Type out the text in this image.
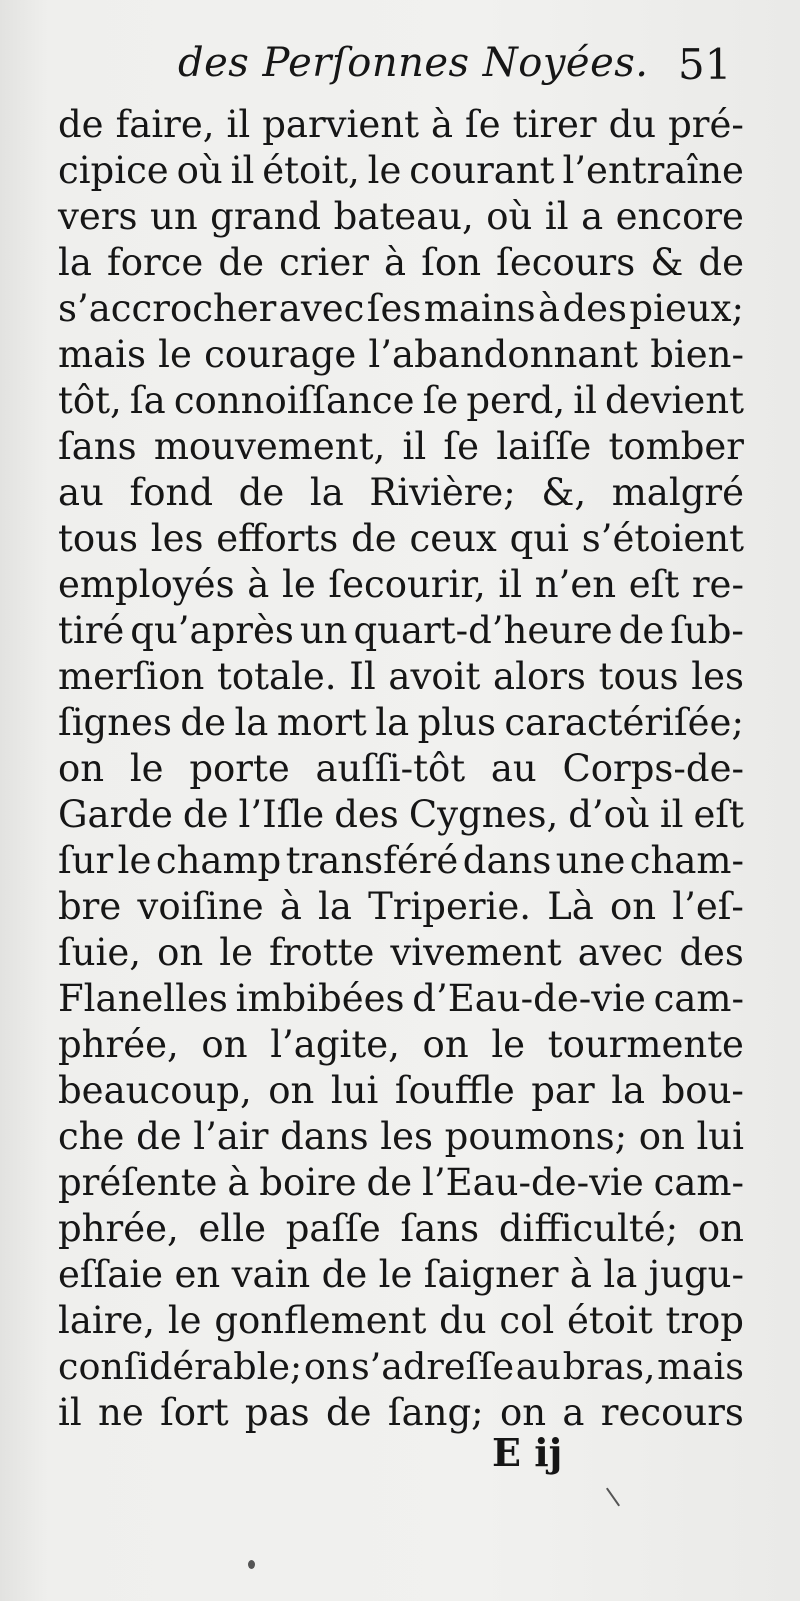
des Perſonnes Noyées. 51
de faire, il parvient à ſe tirer du pré-
cipice où il étoit, le courant l’entraîne
vers un grand bateau, où il a encore
la force de crier à ſon ſecours & de
s’accrocher avec ſes mains à des pieux;
mais le courage l’abandonnant bien-
tôt, ſa connoiſſance ſe perd, il devient
ſans mouvement, il ſe laiſſe tomber
au fond de la Rivière; &, malgré
tous les efforts de ceux qui s’étoient
employés à le ſecourir, il n’en eſt re-
tiré qu’après un quart-d’heure de ſub-
merſion totale. Il avoit alors tous les
ſignes de la mort la plus caractériſée;
on le porte auſſi-tôt au Corps-de-
Garde de l’Iſle des Cygnes, d’où il eſt
ſur le champ transféré dans une cham-
bre voiſine à la Triperie. Là on l’eſ-
ſuie, on le frotte vivement avec des
Flanelles imbibées d’Eau-de-vie cam-
phrée, on l’agite, on le tourmente
beaucoup, on lui ſouffle par la bou-
che de l’air dans les poumons; on lui
préſente à boire de l’Eau-de-vie cam-
phrée, elle paſſe ſans difficulté; on
eſſaie en vain de le ſaigner à la jugu-
laire, le gonflement du col étoit trop
conſidérable; on s’adreſſe au bras, mais
il ne ſort pas de ſang; on a recours
E ij
